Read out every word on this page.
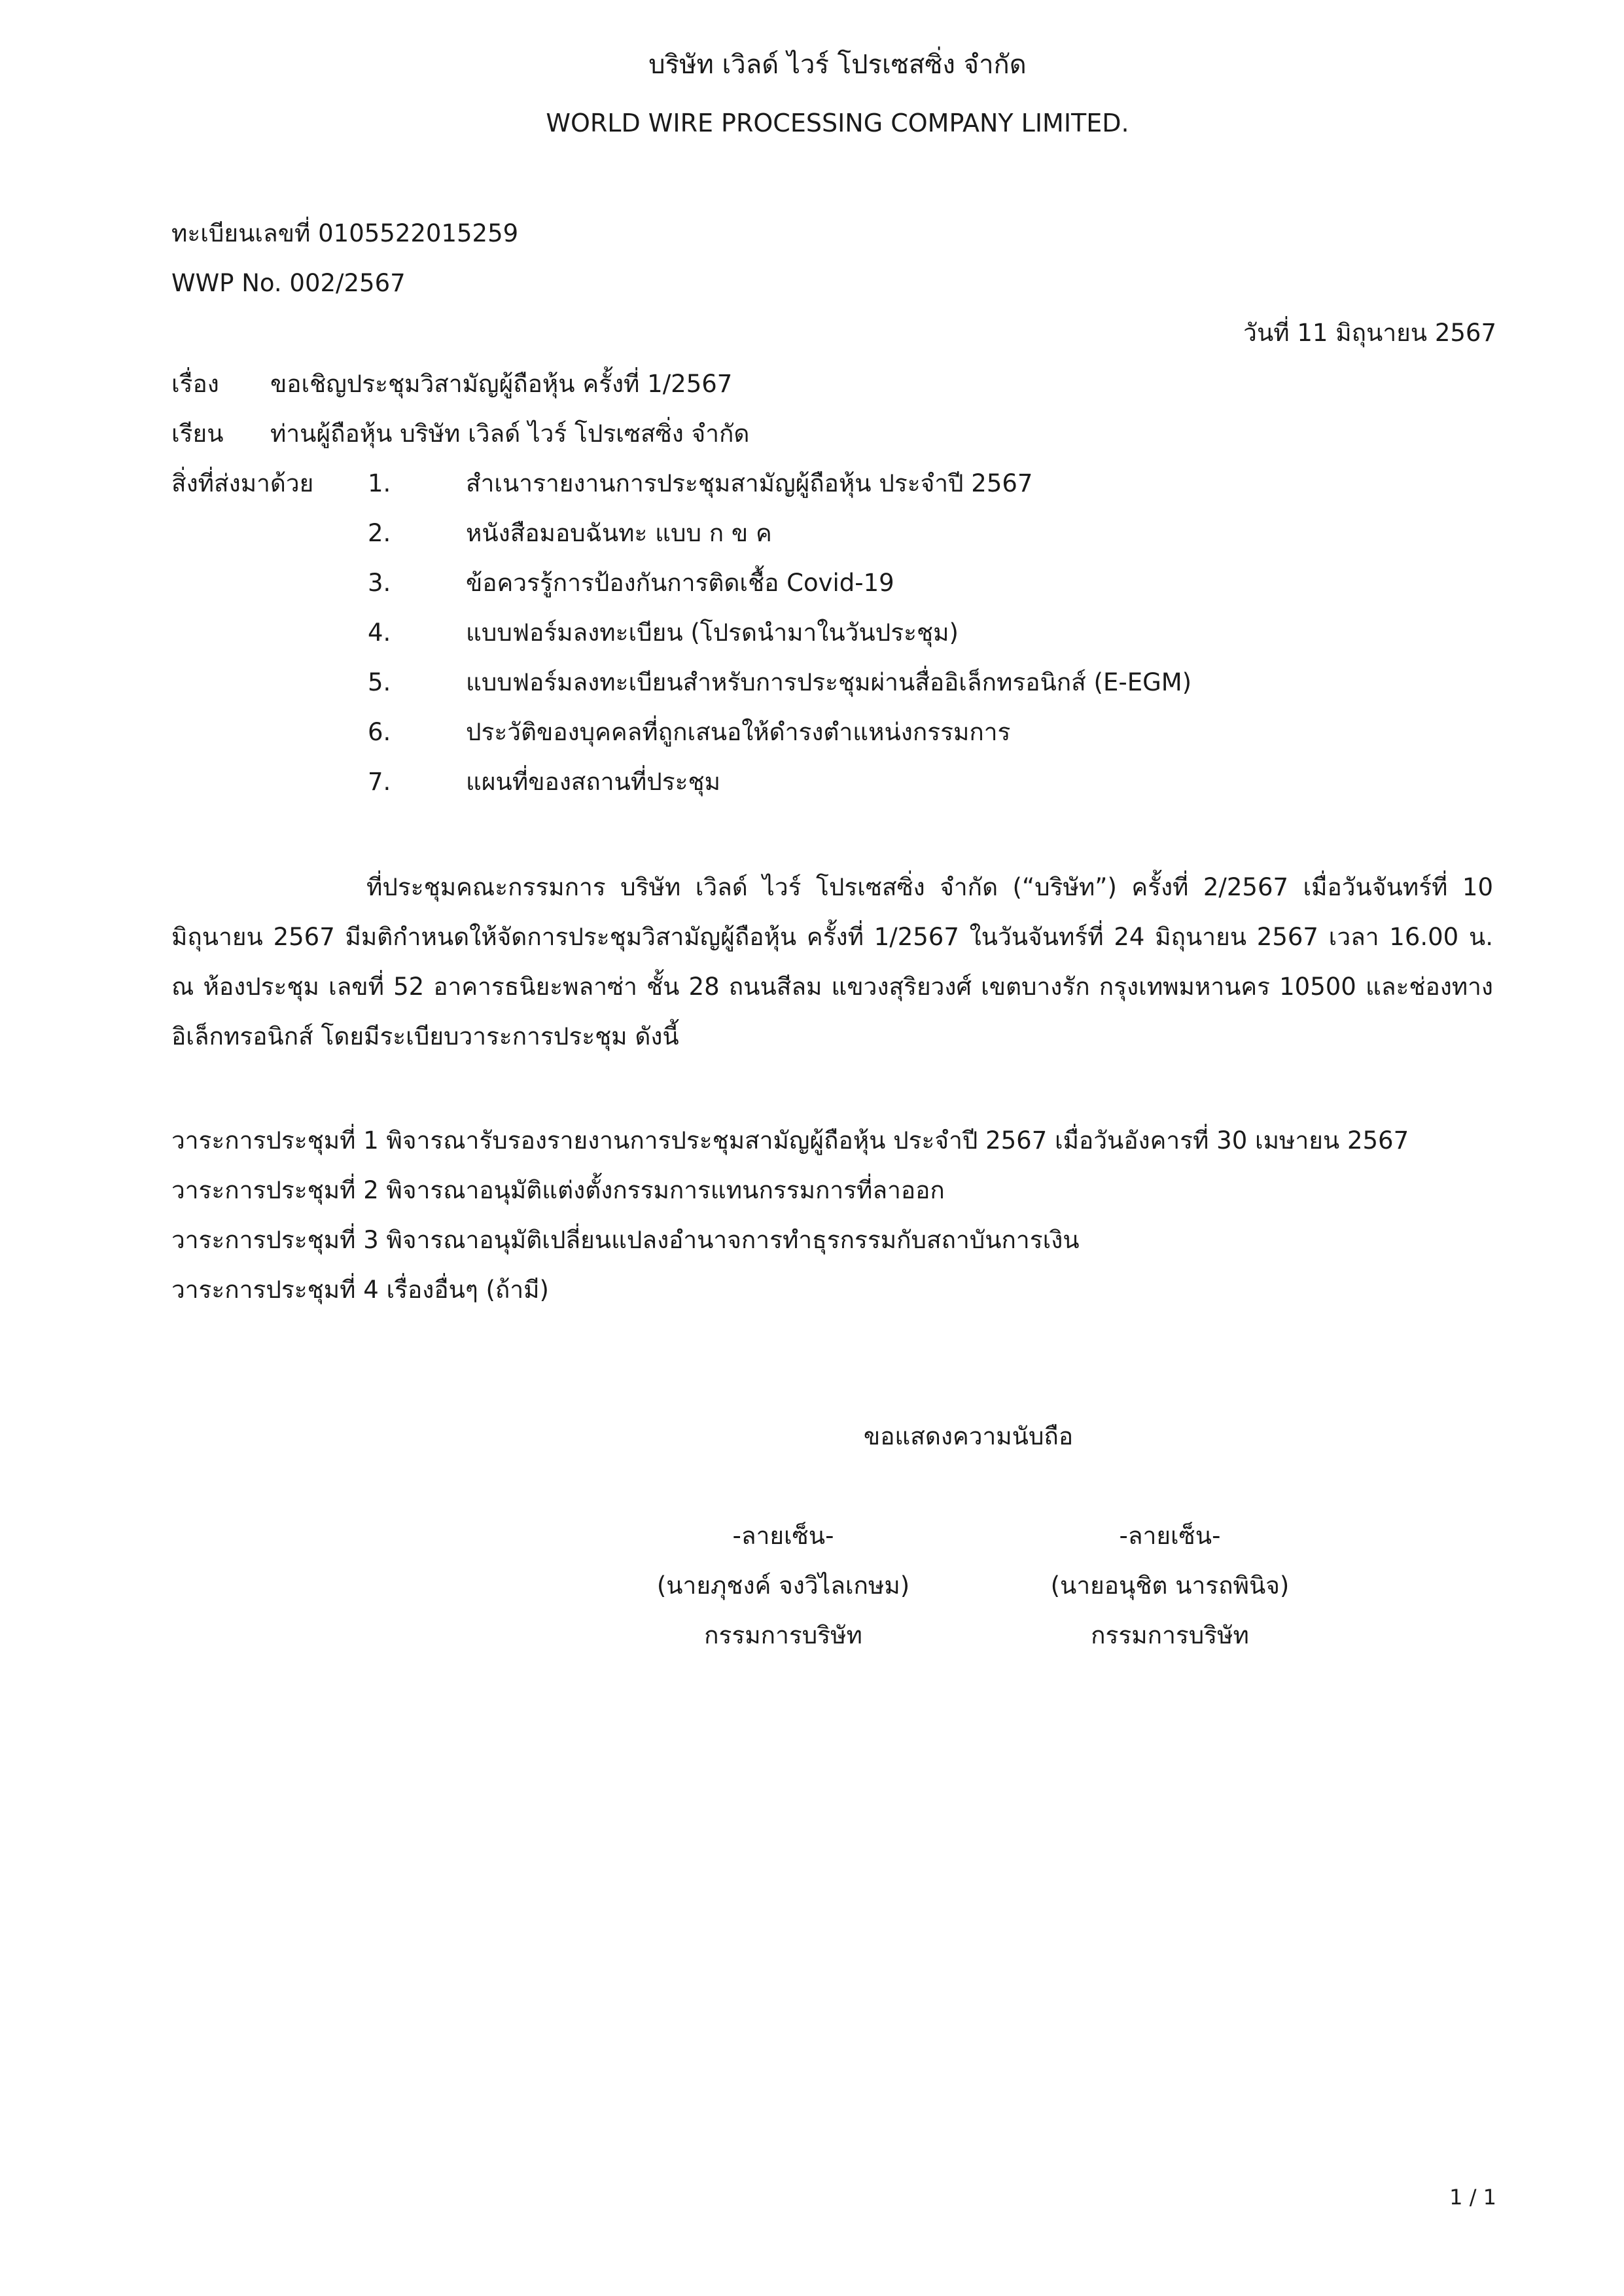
บริษัท เวิลด์ ไวร์ โปรเซสซิ่ง จำกัด
WORLD WIRE PROCESSING COMPANY LIMITED.
ทะเบียนเลขที่ 0105522015259
WWP No. 002/2567
วันที่ 11 มิถุนายน 2567
เรื่อง ขอเชิญประชุมวิสามัญผู้ถือหุ้น ครั้งที่ 1/2567
เรียน ท่านผู้ถือหุ้น บริษัท เวิลด์ ไวร์ โปรเซสซิ่ง จำกัด
สิ่งที่ส่งมาด้วย 1.	สำเนารายงานการประชุมสามัญผู้ถือหุ้น ประจำปี 2567
2.	หนังสือมอบฉันทะ แบบ ก ข ค
3.	ข้อควรรู้การป้องกันการติดเชื้อ Covid-19
4.	แบบฟอร์มลงทะเบียน (โปรดนำมาในวันประชุม)
5.	แบบฟอร์มลงทะเบียนสำหรับการประชุมผ่านสื่ออิเล็กทรอนิกส์ (E-EGM)
6.	ประวัติของบุคคลที่ถูกเสนอให้ดำรงตำแหน่งกรรมการ
7.	แผนที่ของสถานที่ประชุม
ที่ประชุมคณะกรรมการ บริษัท เวิลด์ ไวร์ โปรเซสซิ่ง จำกัด (“บริษัท”) ครั้งที่ 2/2567 เมื่อวันจันทร์ที่ 10 มิถุนายน 2567 มีมติกำหนดให้จัดการประชุมวิสามัญผู้ถือหุ้น ครั้งที่ 1/2567 ในวันจันทร์ที่ 24 มิถุนายน 2567 เวลา 16.00 น. ณ ห้องประชุม เลขที่ 52 อาคารธนิยะพลาซ่า ชั้น 28 ถนนสีลม แขวงสุริยวงศ์ เขตบางรัก กรุงเทพมหานคร 10500 และช่องทางอิเล็กทรอนิกส์ โดยมีระเบียบวาระการประชุม ดังนี้
วาระการประชุมที่ 1 พิจารณารับรองรายงานการประชุมสามัญผู้ถือหุ้น ประจำปี 2567 เมื่อวันอังคารที่ 30 เมษายน 2567
วาระการประชุมที่ 2 พิจารณาอนุมัติแต่งตั้งกรรมการแทนกรรมการที่ลาออก
วาระการประชุมที่ 3 พิจารณาอนุมัติเปลี่ยนแปลงอำนาจการทำธุรกรรมกับสถาบันการเงิน
วาระการประชุมที่ 4 เรื่องอื่นๆ (ถ้ามี)
ขอแสดงความนับถือ
-ลายเซ็น-
(นายภุชงค์ จงวิไลเกษม)
กรรมการบริษัท
-ลายเซ็น-
(นายอนุชิต นารถพินิจ)
กรรมการบริษัท
1 / 1
